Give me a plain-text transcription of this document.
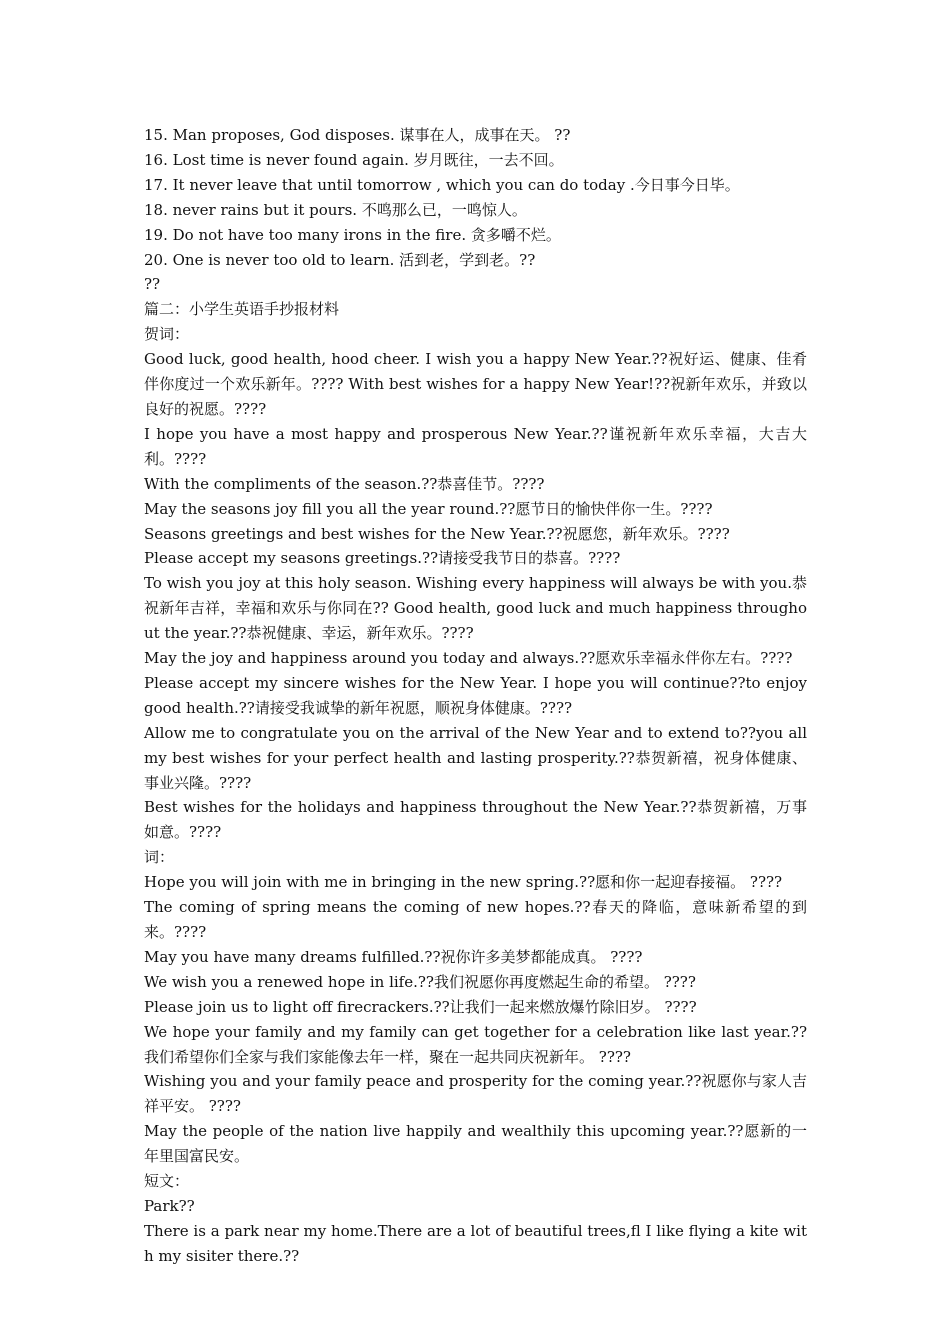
15. Man proposes, God disposes. 谋事在人，成事在天。 ??

16. Lost time is never found again. 岁月既往，一去不回。

17. It never leave that until tomorrow , which you can do today .今日事今日毕。

18. never rains but it pours. 不鸣那么已，一鸣惊人。

19. Do not have too many irons in the fire. 贪多嚼不烂。

20. One is never too old to learn. 活到老，学到老。??

??

篇二：小学生英语手抄报材料

贺词：

Good luck, good health, hood cheer. I wish you a happy New Year.??祝好运、健康、佳肴伴你度过一个欢乐新年。???? With best wishes for a happy New Year!??祝新年欢乐，并致以良好的祝愿。????

I hope you have a most happy and prosperous New Year.??谨祝新年欢乐幸福，大吉大利。????

With the compliments of the season.??恭喜佳节。????

May the seasons joy fill you all the year round.??愿节日的愉快伴你一生。????

Seasons greetings and best wishes for the New Year.??祝愿您，新年欢乐。????

Please accept my seasons greetings.??请接受我节日的恭喜。????

To wish you joy at this holy season. Wishing every happiness will always be with you.恭祝新年吉祥，幸福和欢乐与你同在?? Good health, good luck and much happiness throughout the year.??恭祝健康、幸运，新年欢乐。????

May the joy and happiness around you today and always.??愿欢乐幸福永伴你左右。????

Please accept my sincere wishes for the New Year. I hope you will continue??to enjoy good health.??请接受我诚挚的新年祝愿，顺祝身体健康。????

Allow me to congratulate you on the arrival of the New Year and to extend to??you all my best wishes for your perfect health and lasting prosperity.??恭贺新禧，祝身体健康、事业兴隆。????

Best wishes for the holidays and happiness throughout the New Year.??恭贺新禧，万事如意。????

词：

Hope you will join with me in bringing in the new spring.??愿和你一起迎春接福。 ????

The coming of spring means the coming of new hopes.??春天的降临，意味新希望的到来。????

May you have many dreams fulfilled.??祝你许多美梦都能成真。 ????

We wish you a renewed hope in life.??我们祝愿你再度燃起生命的希望。 ????

Please join us to light off firecrackers.??让我们一起来燃放爆竹除旧岁。 ????

We hope your family and my family can get together for a celebration like last year.??我们希望你们全家与我们家能像去年一样，聚在一起共同庆祝新年。 ????

Wishing you and your family peace and prosperity for the coming year.??祝愿你与家人吉祥平安。 ????

May the people of the nation live happily and wealthily this upcoming year.??愿新的一年里国富民安。

短文：

Park??

There is a park near my home.There are a lot of beautiful trees,fl I like flying a kite with my sisiter there.??
